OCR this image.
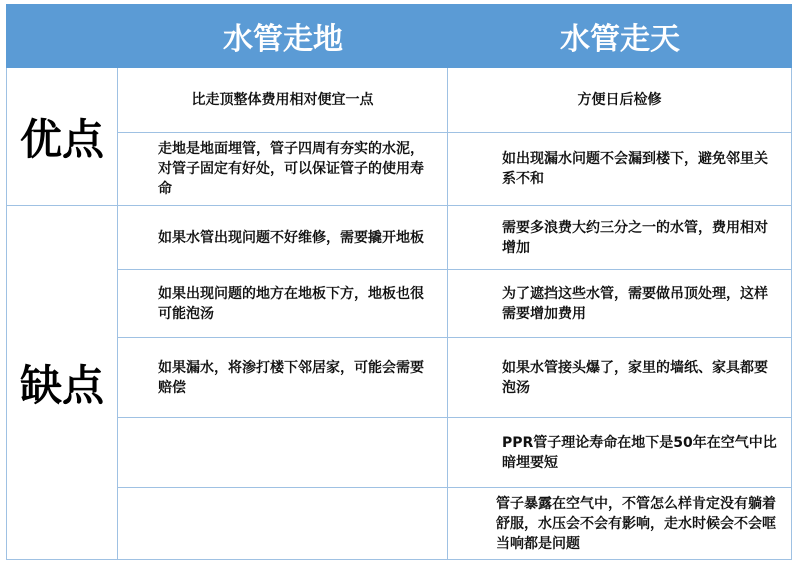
水管走地	水管走天
优点
比走顶整体费用相对便宜一点	方便日后检修
走地是地面埋管，管子四周有夯实的水泥，对管子固定有好处，可以保证管子的使用寿命
如出现漏水问题不会漏到楼下，避免邻里关系不和
缺点
如果水管出现问题不好维修，需要撬开地板
需要多浪费大约三分之一的水管，费用相对增加
如果出现问题的地方在地板下方，地板也很可能泡汤
为了遮挡这些水管，需要做吊顶处理，这样需要增加费用
如果漏水，将渗打楼下邻居家，可能会需要赔偿
如果水管接头爆了，家里的墙纸、家具都要泡汤
PPR管子理论寿命在地下是50年在空气中比暗埋要短
管子暴露在空气中，不管怎么样肯定没有躺着舒服，水压会不会有影响，走水时候会不会哐当响都是问题
